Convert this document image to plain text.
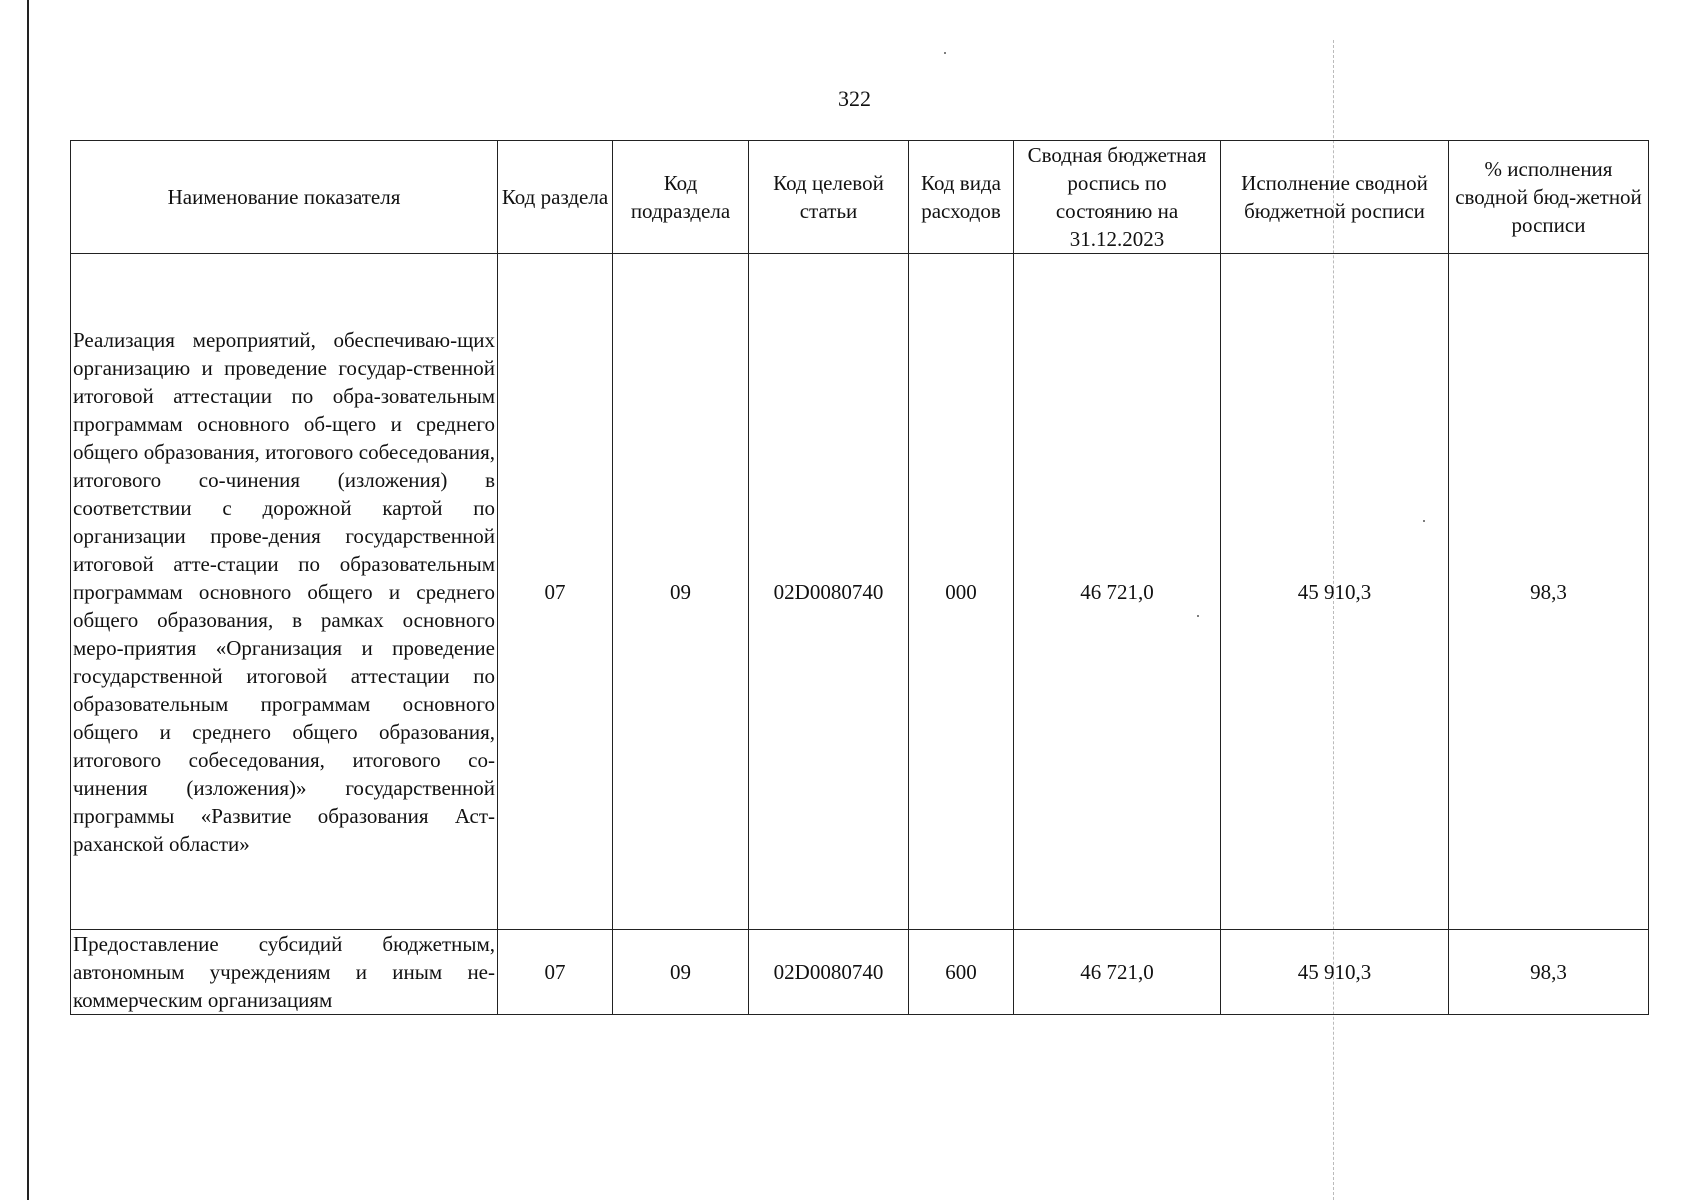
322
Наименование показателя	Код раздела	Код подраздела	Код целевой статьи	Код вида расходов	Сводная бюджетная роспись по состоянию на 31.12.2023	Исполнение сводной бюджетной росписи	% исполнения сводной бюд-жетной росписи

Реализация мероприятий, обеспечиваю-щих организацию и проведение государ-ственной итоговой аттестации по обра-зовательным программам основного об-щего и среднего общего образования, итогового собеседования, итогового со-чинения (изложения) в соответствии с дорожной картой по организации прове-дения государственной итоговой атте-стации по образовательным программам основного общего и среднего общего образования, в рамках основного меро-приятия «Организация и проведение государственной итоговой аттестации по образовательным программам основного общего и среднего общего образования, итогового собеседования, итогового со-чинения (изложения)» государственной программы «Развитие образования Аст-раханской области»	07	09	02D0080740	000	46 721,0	45 910,3	98,3

Предоставление субсидий бюджетным, автономным учреждениям и иным не-коммерческим организациям	07	09	02D0080740	600	46 721,0	45 910,3	98,3
